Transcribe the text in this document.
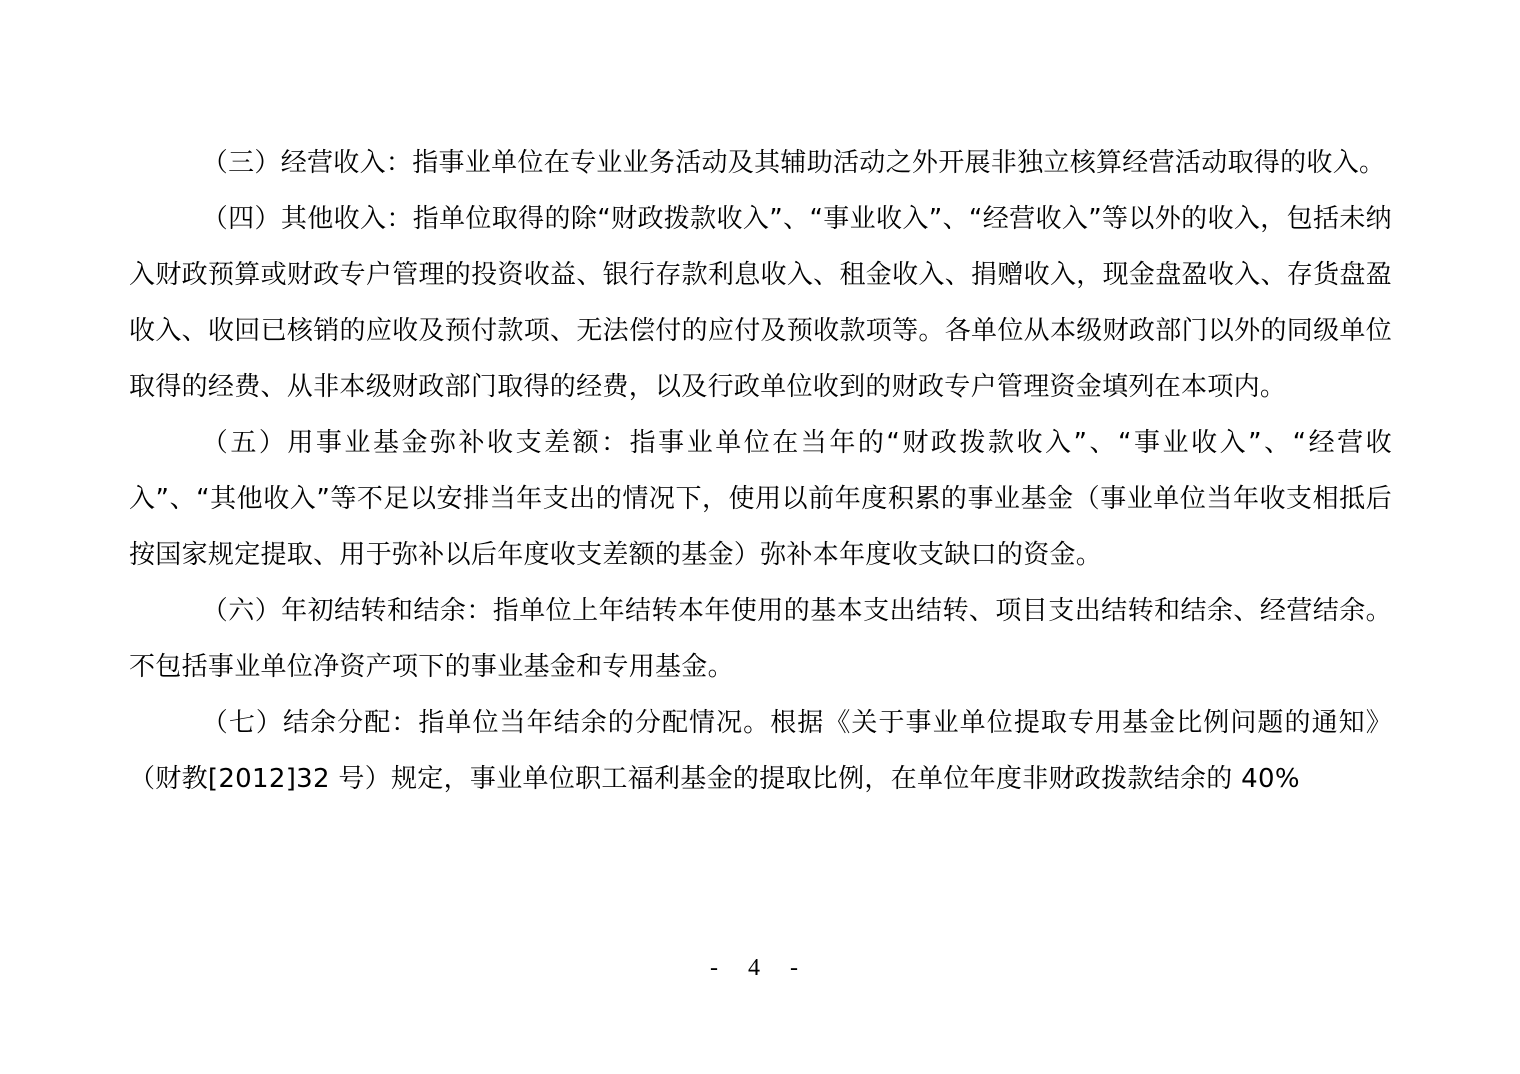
（三）经营收入：指事业单位在专业业务活动及其辅助活动之外开展非独立核算经营活动取得的收入。

（四）其他收入：指单位取得的除“财政拨款收入”、“事业收入”、“经营收入”等以外的收入，包括未纳入财政预算或财政专户管理的投资收益、银行存款利息收入、租金收入、捐赠收入，现金盘盈收入、存货盘盈收入、收回已核销的应收及预付款项、无法偿付的应付及预收款项等。各单位从本级财政部门以外的同级单位取得的经费、从非本级财政部门取得的经费，以及行政单位收到的财政专户管理资金填列在本项内。

（五）用事业基金弥补收支差额：指事业单位在当年的“财政拨款收入”、“事业收入”、“经营收入”、“其他收入”等不足以安排当年支出的情况下，使用以前年度积累的事业基金（事业单位当年收支相抵后按国家规定提取、用于弥补以后年度收支差额的基金）弥补本年度收支缺口的资金。

（六）年初结转和结余：指单位上年结转本年使用的基本支出结转、项目支出结转和结余、经营结余。不包括事业单位净资产项下的事业基金和专用基金。

（七）结余分配：指单位当年结余的分配情况。根据《关于事业单位提取专用基金比例问题的通知》（财教[2012]32 号）规定，事业单位职工福利基金的提取比例，在单位年度非财政拨款结余的 40%

- 4 -
